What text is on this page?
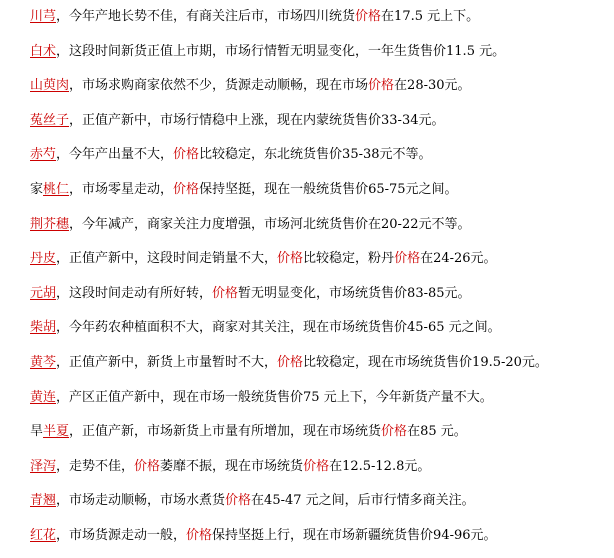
川芎，今年产地长势不佳，有商关注后市，市场四川统货价格在17.5 元上下。
白术，这段时间新货正值上市期，市场行情暂无明显变化，一年生货售价11.5 元。
山萸肉，市场求购商家依然不少，货源走动顺畅，现在市场价格在28-30元。
菟丝子，正值产新中，市场行情稳中上涨，现在内蒙统货售价33-34元。
赤芍，今年产出量不大，价格比较稳定，东北统货售价35-38元不等。
家桃仁，市场零星走动，价格保持坚挺，现在一般统货售价65-75元之间。
荆芥穗，今年减产，商家关注力度增强，市场河北统货售价在20-22元不等。
丹皮，正值产新中，这段时间走销量不大，价格比较稳定，粉丹价格在24-26元。
元胡，这段时间走动有所好转，价格暂无明显变化，市场统货售价83-85元。
柴胡，今年药农种植面积不大，商家对其关注，现在市场统货售价45-65 元之间。
黄芩，正值产新中，新货上市量暂时不大，价格比较稳定，现在市场统货售价19.5-20元。
黄连，产区正值产新中，现在市场一般统货售价75 元上下，今年新货产量不大。
旱半夏，正值产新，市场新货上市量有所增加，现在市场统货价格在85 元。
泽泻，走势不佳，价格萎靡不振，现在市场统货价格在12.5-12.8元。
青翘，市场走动顺畅，市场水煮货价格在45-47 元之间，后市行情多商关注。
红花，市场货源走动一般，价格保持坚挺上行，现在市场新疆统货售价94-96元。
